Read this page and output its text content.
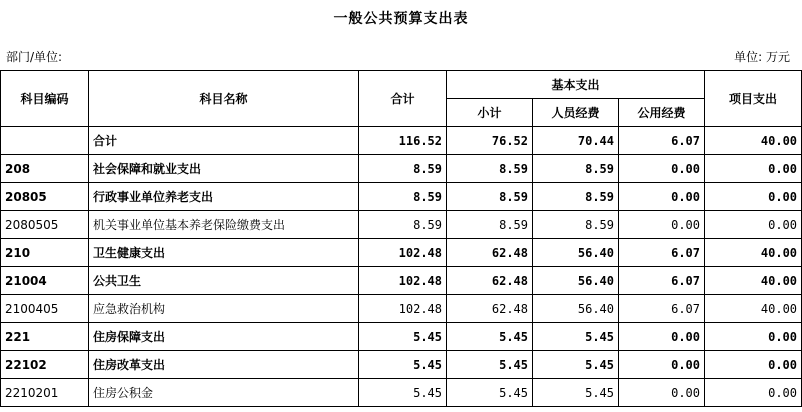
一般公共预算支出表
部门/单位:	单位: 万元
科目编码	科目名称	合计	基本支出			项目支出
			小计	人员经费	公用经费	
	合计	116.52	76.52	70.44	6.07	40.00
208	社会保障和就业支出	8.59	8.59	8.59	0.00	0.00
20805	行政事业单位养老支出	8.59	8.59	8.59	0.00	0.00
2080505	机关事业单位基本养老保险缴费支出	8.59	8.59	8.59	0.00	0.00
210	卫生健康支出	102.48	62.48	56.40	6.07	40.00
21004	公共卫生	102.48	62.48	56.40	6.07	40.00
2100405	应急救治机构	102.48	62.48	56.40	6.07	40.00
221	住房保障支出	5.45	5.45	5.45	0.00	0.00
22102	住房改革支出	5.45	5.45	5.45	0.00	0.00
2210201	住房公积金	5.45	5.45	5.45	0.00	0.00
